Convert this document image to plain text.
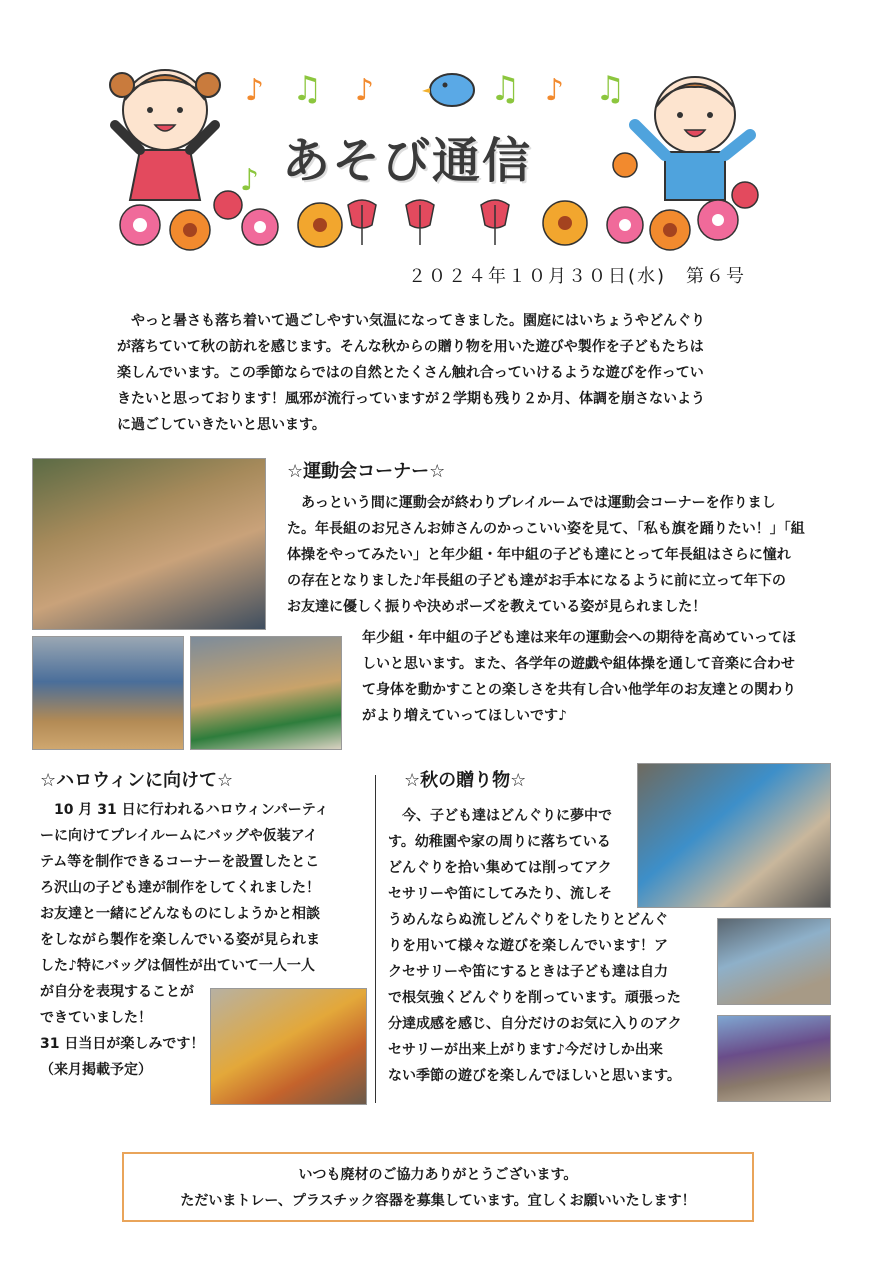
♪ ♫ ♪	♫ ♪ ♫
♪ あそび通信
２０２４年１０月３０日(水)　第６号

やっと暑さも落ち着いて過ごしやすい気温になってきました。園庭にはいちょうやどんぐり

が落ちていて秋の訪れを感じます。そんな秋からの贈り物を用いた遊びや製作を子どもたちは
楽しんでいます。この季節ならではの自然とたくさん触れ合っていけるような遊びを作ってい
きたいと思っております！風邪が流行っていますが２学期も残り２か月、体調を崩さないよう
に過ごしていきたいと思います。
☆運動会コーナー☆
あっという間に運動会が終わりプレイルームでは運動会コーナーを作りまし
た。年長組のお兄さんお姉さんのかっこいい姿を見て、「私も旗を踊りたい！」「組
体操をやってみたい」と年少組・年中組の子ども達にとって年長組はさらに憧れ
の存在となりました♪年長組の子ども達がお手本になるように前に立って年下の
お友達に優しく振りや決めポーズを教えている姿が見られました！
年少組・年中組の子ども達は来年の運動会への期待を高めていってほ
しいと思います。また、各学年の遊戯や組体操を通して音楽に合わせ
て身体を動かすことの楽しさを共有し合い他学年のお友達との関わり
がより増えていってほしいです♪
☆ハロウィンに向けて☆
10 月 31 日に行われるハロウィンパーティ
ーに向けてプレイルームにバッグや仮装アイ
テム等を制作できるコーナーを設置したとこ
ろ沢山の子ども達が制作をしてくれました！
お友達と一緒にどんなものにしようかと相談
をしながら製作を楽しんでいる姿が見られま
した♪特にバッグは個性が出ていて一人一人
が自分を表現することが
できていました！
31 日当日が楽しみです！
（来月掲載予定）
☆秋の贈り物☆
今、子ども達はどんぐりに夢中で
す。幼稚園や家の周りに落ちている
どんぐりを拾い集めては削ってアク
セサリーや笛にしてみたり、流しそ
うめんならぬ流しどんぐりをしたりとどんぐ
りを用いて様々な遊びを楽しんでいます！ア
クセサリーや笛にするときは子ども達は自力
で根気強くどんぐりを削っています。頑張った
分達成感を感じ、自分だけのお気に入りのアク
セサリーが出来上がります♪今だけしか出来
ない季節の遊びを楽しんでほしいと思います。
いつも廃材のご協力ありがとうございます。
ただいまトレー、プラスチック容器を募集しています。宜しくお願いいたします！
